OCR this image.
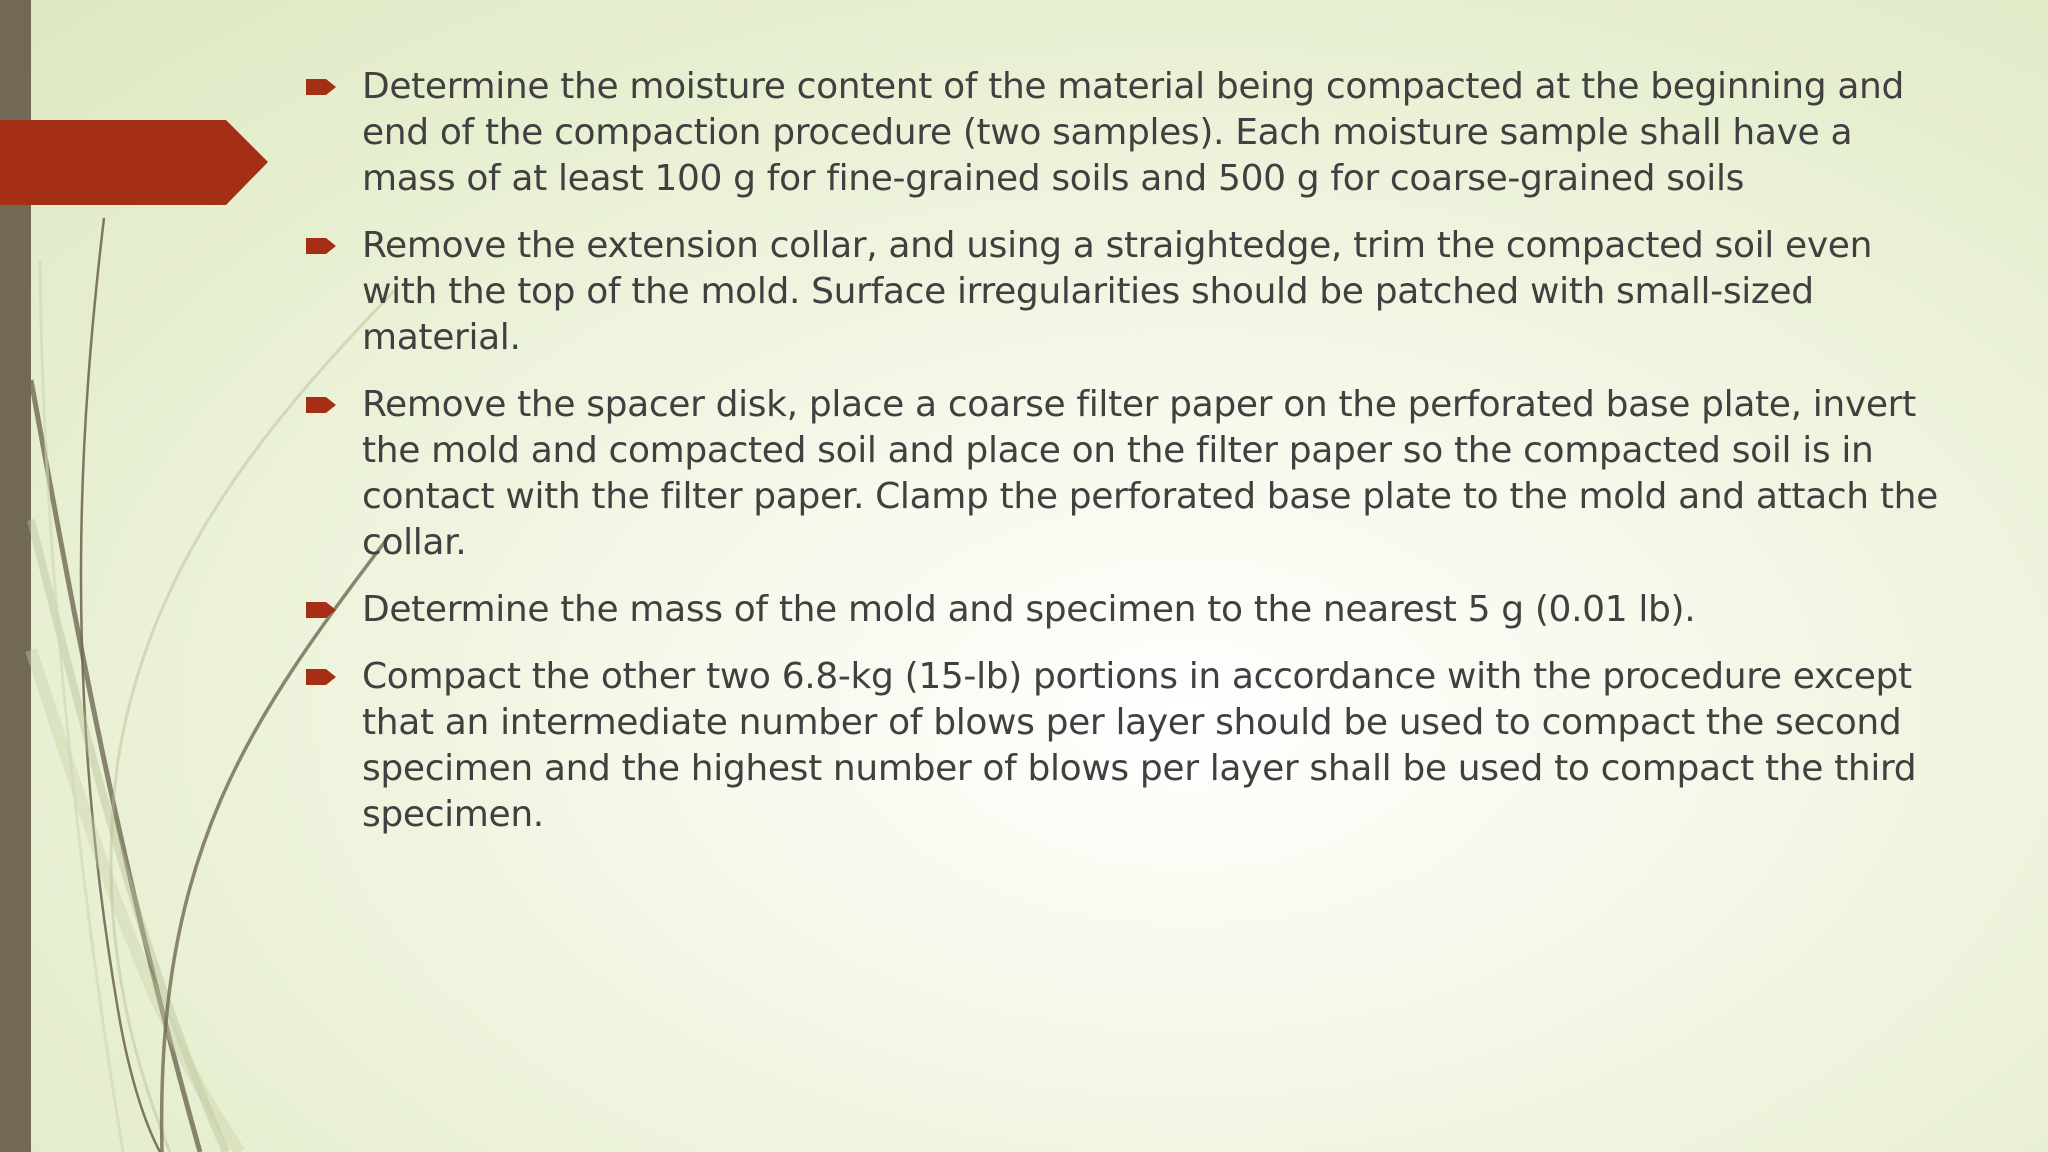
Determine the moisture content of the material being compacted at the beginning and end of the compaction procedure (two samples). Each moisture sample shall have a mass of at least 100 g for fine-grained soils and 500 g for coarse-grained soils
Remove the extension collar, and using a straightedge, trim the compacted soil even with the top of the mold. Surface irregularities should be patched with small-sized material.
Remove the spacer disk, place a coarse filter paper on the perforated base plate, invert the mold and compacted soil and place on the filter paper so the compacted soil is in contact with the filter paper. Clamp the perforated base plate to the mold and attach the collar.
Determine the mass of the mold and specimen to the nearest 5 g (0.01 lb).
Compact the other two 6.8-kg (15-lb) portions in accordance with the procedure except that an intermediate number of blows per layer should be used to compact the second specimen and the highest number of blows per layer shall be used to compact the third specimen.
